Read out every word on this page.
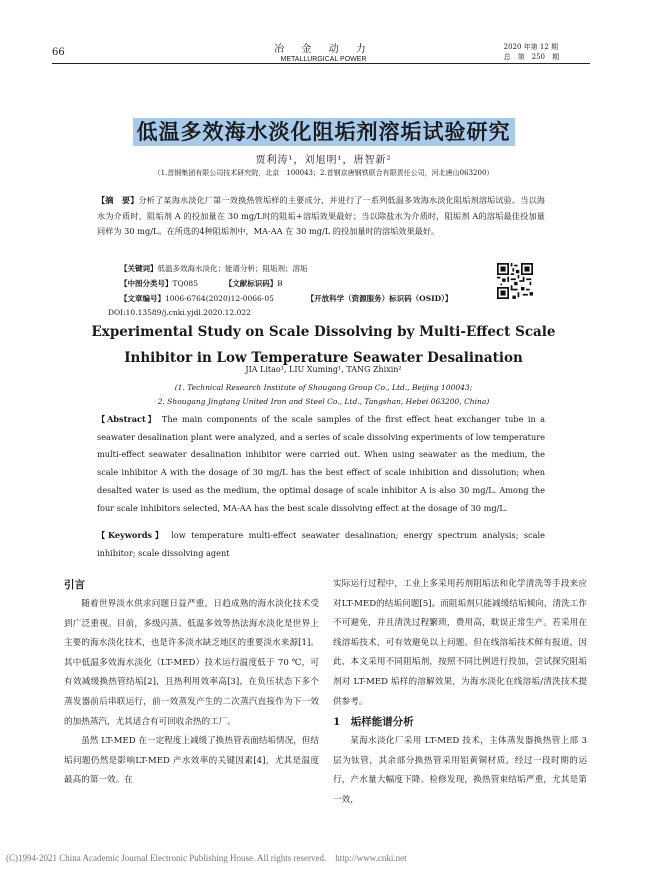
66	冶 金 动 力
METALLURGICAL POWER
2020 年第 12 期
总　第　250　期
低温多效海水淡化阻垢剂溶垢试验研究
贾利涛¹，刘旭明¹，唐智新²
（1.首钢集团有限公司技术研究院，北京　100043；2.首钢京唐钢铁联合有限责任公司，河北唐山063200）
【摘　要】分析了某海水淡化厂第一效换热管垢样的主要成分，并进行了一系列低温多效海水淡化阻垢剂溶垢试验。当以海水为介质时，阻垢剂 A 的投加量在 30 mg/L时的阻垢+溶垢效果最好；当以除盐水为介质时，阻垢剂 A的溶垢最佳投加量同样为 30 mg/L。在所选的4种阻垢剂中，MA-AA 在 30 mg/L 的投加量时的溶垢效果最好。
【关键词】低温多效海水淡化；能谱分析；阻垢剂；溶垢
【中图分类号】TQ085	【文献标识码】B
【文章编号】1006-6764(2020)12-0066-05	【开放科学（资源服务）标识码（OSID）】
DOI:10.13589/j.cnki.yjdl.2020.12.022
Experimental Study on Scale Dissolving by Multi-Effect Scale
Inhibitor in Low Temperature Seawater Desalination
JIA Litao¹, LIU Xuming¹, TANG Zhixin²
(1. Technical Research Institute of Shougang Group Co., Ltd., Beijing 100043;
2. Shougang Jingtang United Iron and Steel Co., Ltd., Tangshan, Hebei 063200, China)
【Abstract】 The main components of the scale samples of the first effect heat exchanger tube in a seawater desalination plant were analyzed, and a series of scale dissolving experiments of low temperature multi-effect seawater desalination inhibitor were carried out. When using seawater as the medium, the scale inhibitor A with the dosage of 30 mg/L has the best effect of scale inhibition and dissolution; when desalted water is used as the medium, the optimal dosage of scale inhibitor A is also 30 mg/L. Among the four scale inhibitors selected, MA-AA has the best scale dissolving effect at the dosage of 30 mg/L.
【Keywords】 low temperature multi-effect seawater desalination; energy spectrum analysis; scale inhibitor; scale dissolving agent
引言

随着世界淡水供求问题日益严重，日趋成熟的海水淡化技术受到广泛重视。目前，多级闪蒸、低温多效等热法海水淡化是世界上主要的海水淡化技术，也是许多淡水缺乏地区的重要淡水来源[1]。其中低温多效海水淡化（LT-MED）技术运行温度低于 70 ℃，可有效减缓换热管结垢[2]，且热利用效率高[3]，在负压状态下多个蒸发器前后串联运行，前一效蒸发产生的二次蒸汽直接作为下一效的加热蒸汽，尤其适合有可回收余热的工厂。

虽然 LT-MED 在一定程度上减缓了换热管表面结垢情况，但结垢问题仍然是影响LT-MED 产水效率的关键因素[4]，尤其是温度最高的第一效。在

实际运行过程中，工业上多采用药剂阻垢法和化学清洗等手段来应对LT-MED的结垢问题[5]。而阻垢剂只能减缓结垢倾向，清洗工作不可避免，并且清洗过程繁琐，费用高，耽误正常生产。若采用在线溶垢技术，可有效避免以上问题。但在线溶垢技术鲜有报道，因此，本文采用不同阻垢剂，按照不同比例进行投加，尝试探究阻垢剂对 LT-MED 垢样的溶解效果，为海水淡化在线溶垢/清洗技术提供参考。

1　垢样能谱分析

某海水淡化厂采用 LT-MED 技术，主体蒸发器换热管上部 3 层为钛管，其余部分换热管采用铝黄铜材质。经过一段时期的运行，产水量大幅度下降。检修发现，换热管束结垢严重，尤其是第一效，

(C)1994-2021 China Academic Journal Electronic Publishing House. All rights reserved.　http://www.cnki.net
